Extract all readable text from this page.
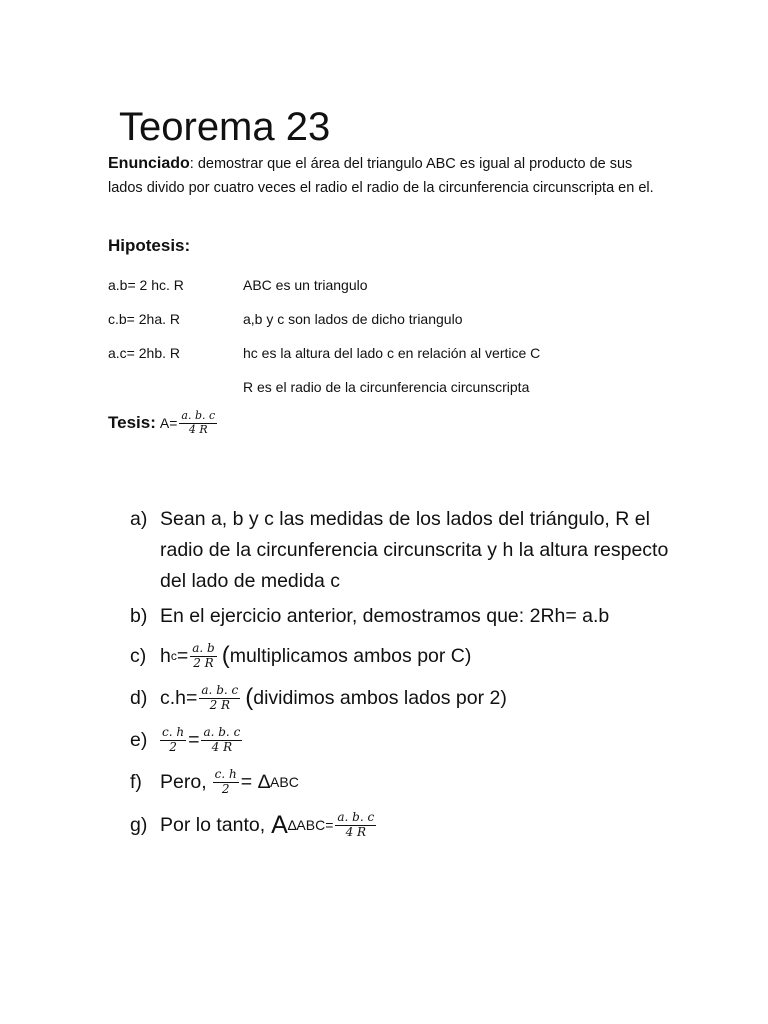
Teorema 23

Enunciado: demostrar que el área del triangulo ABC es igual al producto de sus lados divido por cuatro veces el radio el radio de la circunferencia circunscripta en el.

Hipotesis:
a.b= 2 hc. R
c.b= 2ha. R
a.c= 2hb. R
ABC es un triangulo
a,b y c son lados de dicho triangulo
hc es la altura del lado c en relación al vertice C
R es el radio de la circunferencia circunscripta
Tesis: $A= \frac{a. b. c}{4 R}$
a) Sean a, b y c las medidas de los lados del triángulo, R el radio de la circunferencia circunscrita y h la altura respecto del lado de medida c
b) En el ejercicio anterior, demostramos que: 2Rh= a.b
c) h $c = \frac{a. b}{2 R}$ ( multiplicamos ambos por C)
d) $c.h= \frac{a. b. c}{2 R}$ ( dividimos ambos lados por 2)
e)	$\frac{c. h}{2} = \frac{a. b. c}{4 R}$
f) Pero, $\frac{c. h}{2}$ = ∆ ABC
g) Por lo tanto, A ∆ $ABC= \frac{a. b. c}{4 R}$
